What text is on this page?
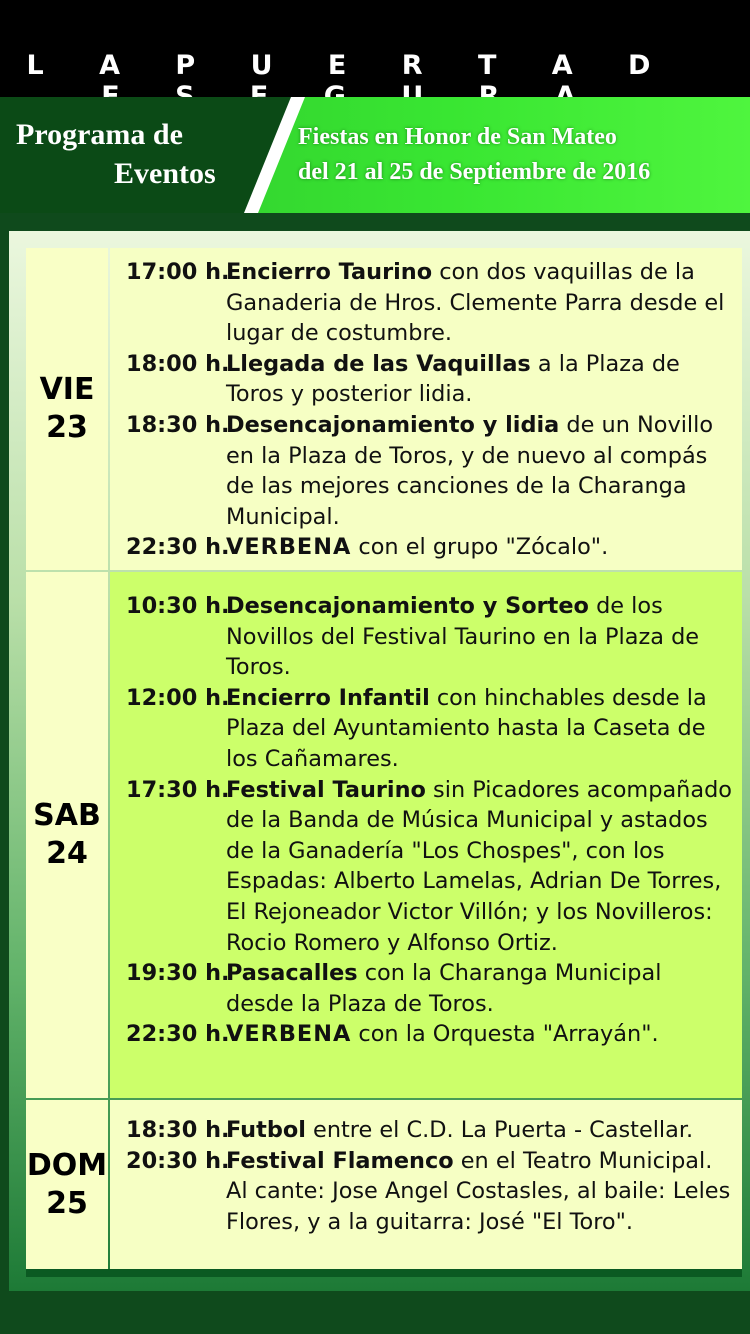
L A P U E R T A D
Programa de
Eventos
Fiestas en Honor de San Mateo
del 21 al 25 de Septiembre de 2016
VIE
23
17:00 h.
Encierro Taurino con dos vaquillas de la Ganaderia de Hros. Clemente Parra desde el lugar de costumbre.
18:00 h.
Llegada de las Vaquillas a la Plaza de Toros y posterior lidia.
18:30 h.
Desencajonamiento y lidia de un Novillo en la Plaza de Toros, y de nuevo al compás de las mejores canciones de la Charanga Municipal.
22:30 h.
VERBENA con el grupo "Zócalo".
SAB
24
10:30 h.
Desencajonamiento y Sorteo de los Novillos del Festival Taurino en la Plaza de Toros.
12:00 h.
Encierro Infantil con hinchables desde la Plaza del Ayuntamiento hasta la Caseta de los Cañamares.
17:30 h.
Festival Taurino sin Picadores acompañado de la Banda de Música Municipal y astados de la Ganadería "Los Chospes", con los Espadas: Alberto Lamelas, Adrian De Torres, El Rejoneador Victor Villón; y los Novilleros: Rocio Romero y Alfonso Ortiz.
19:30 h.
Pasacalles con la Charanga Municipal desde la Plaza de Toros.
22:30 h.
VERBENA con la Orquesta "Arrayán".
DOM
25
18:30 h.
Futbol entre el C.D. La Puerta - Castellar.
20:30 h.
Festival Flamenco en el Teatro Municipal. Al cante: Jose Angel Costasles, al baile: Leles Flores, y a la guitarra: José "El Toro".
